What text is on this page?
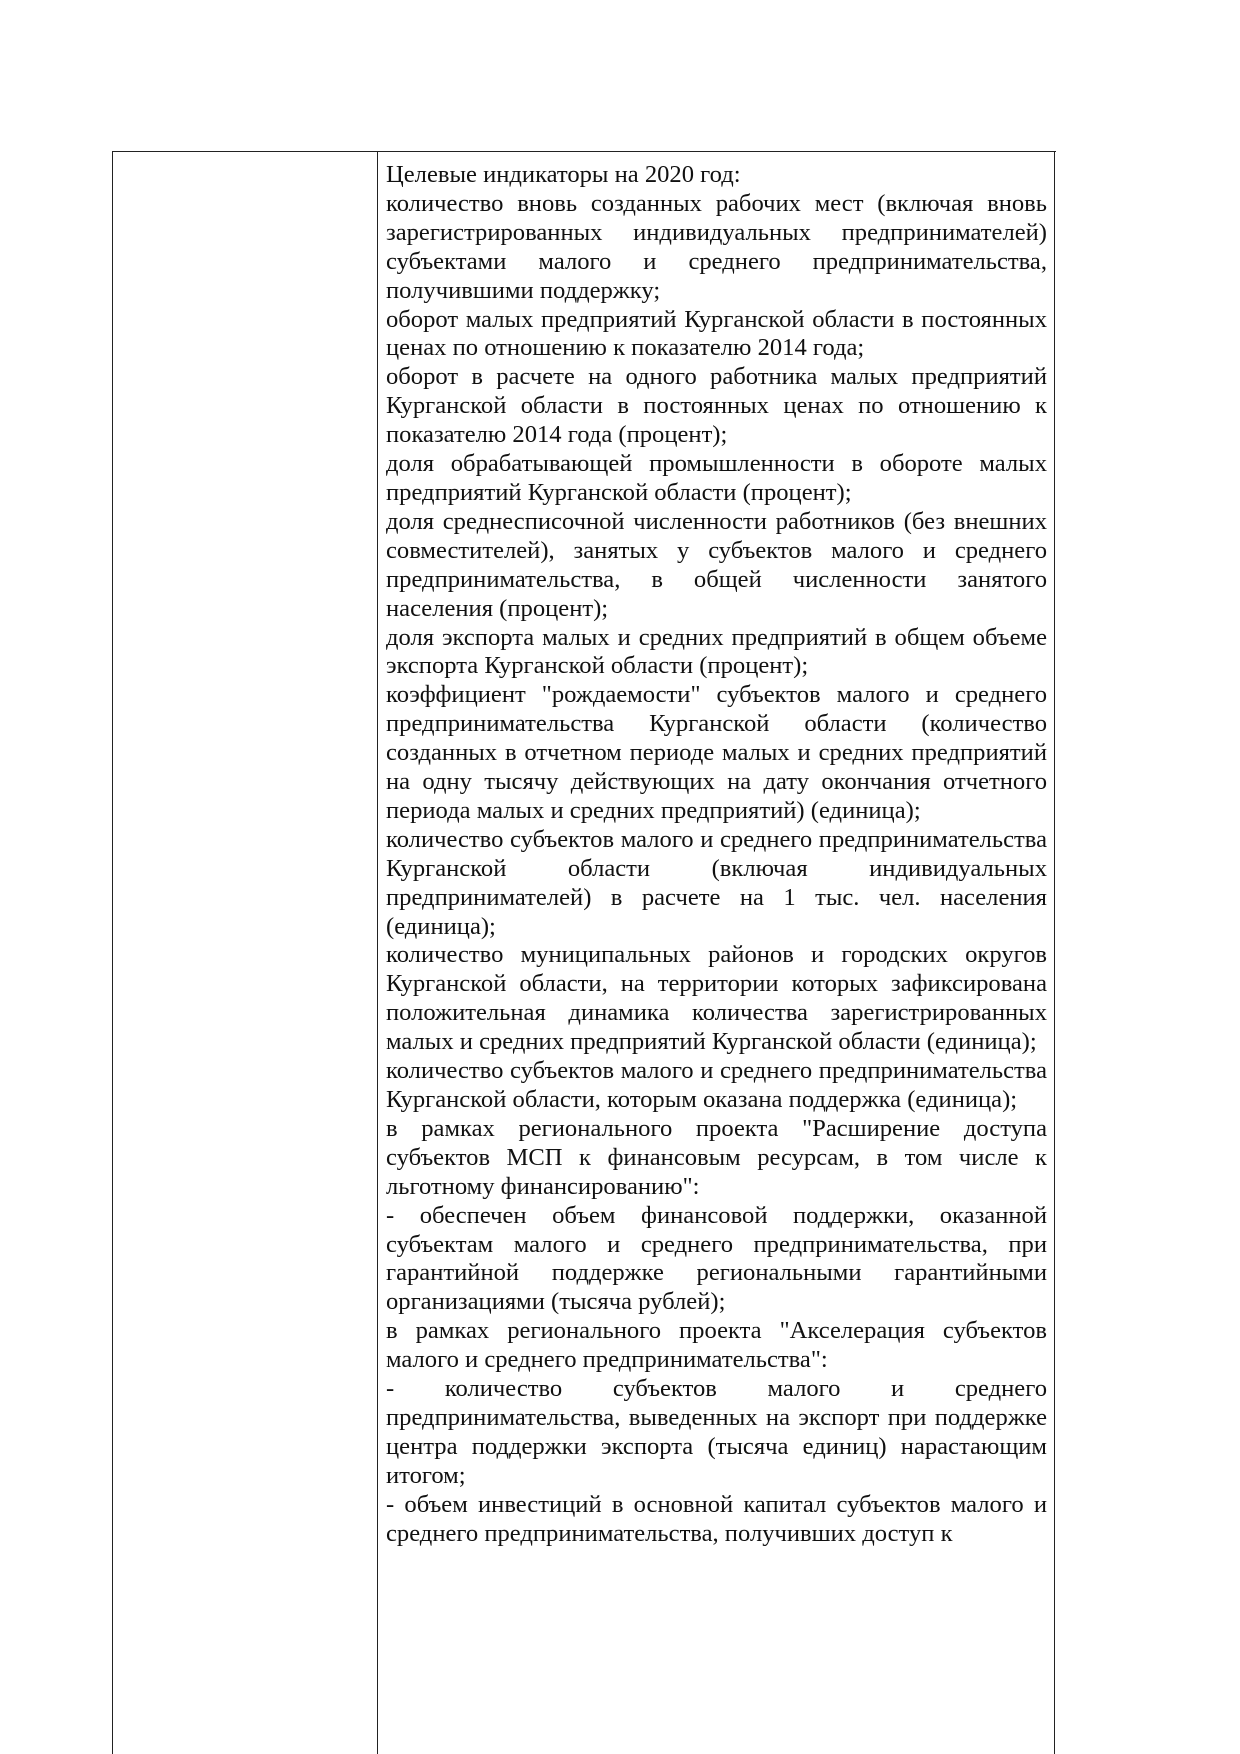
Целевые индикаторы на 2020 год:

количество вновь созданных рабочих мест (включая вновь зарегистрированных индивидуальных предпринимателей) субъектами малого и среднего предпринимательства, получившими поддержку;

оборот малых предприятий Курганской области в постоянных ценах по отношению к показателю 2014 года;

оборот в расчете на одного работника малых предприятий Курганской области в постоянных ценах по отношению к показателю 2014 года (процент);

доля обрабатывающей промышленности в обороте малых предприятий Курганской области (процент);

доля среднесписочной численности работников (без внешних совместителей), занятых у субъектов малого и среднего предпринимательства, в общей численности занятого населения (процент);

доля экспорта малых и средних предприятий в общем объеме экспорта Курганской области (процент);

коэффициент "рождаемости" субъектов малого и среднего предпринимательства Курганской области (количество созданных в отчетном периоде малых и средних предприятий на одну тысячу действующих на дату окончания отчетного периода малых и средних предприятий) (единица);

количество субъектов малого и среднего предпринимательства Курганской области (включая индивидуальных предпринимателей) в расчете на 1 тыс. чел. населения (единица);

количество муниципальных районов и городских округов Курганской области, на территории которых зафиксирована положительная динамика количества зарегистрированных малых и средних предприятий Курганской области (единица);

количество субъектов малого и среднего предпринимательства Курганской области, которым оказана поддержка (единица);

в рамках регионального проекта "Расширение доступа субъектов МСП к финансовым ресурсам, в том числе к льготному финансированию":

- обеспечен объем финансовой поддержки, оказанной субъектам малого и среднего предпринимательства, при гарантийной поддержке региональными гарантийными организациями (тысяча рублей);

в рамках регионального проекта "Акселерация субъектов малого и среднего предпринимательства":

- количество субъектов малого и среднего предпринимательства, выведенных на экспорт при поддержке центра поддержки экспорта (тысяча единиц) нарастающим итогом;

- объем инвестиций в основной капитал субъектов малого и среднего предпринимательства, получивших доступ к
